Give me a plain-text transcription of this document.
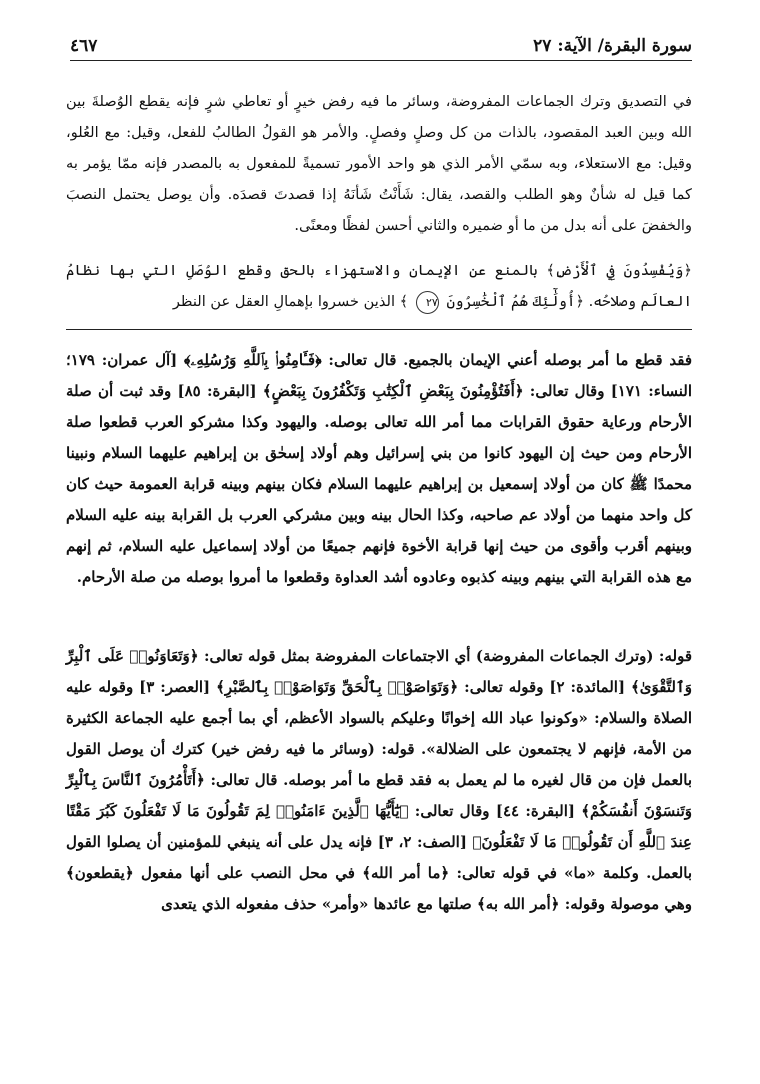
سورة البقرة/ الآية: ٢٧
٤٦٧

في التصديق وترك الجماعات المفروضة، وسائر ما فيه رفض خيرٍ أو تعاطي شرٍ فإنه يقطع الوُصلةَ بين الله وبين العبد المقصود، بالذات من كل وصلٍ وفصلٍ. والأمر هو القولُ الطالبُ للفعل، وقيل: مع العُلو، وقيل: مع الاستعلاء، وبه سمّي الأمر الذي هو واحد الأمور تسميةً للمفعول به بالمصدر فإنه ممّا يؤمر به كما قيل له شأنٌ وهو الطلب والقصد، يقال: شَأَنْتُ شَأنَهُ إذا قصدتَ قصدَه. وأن يوصل يحتمل النصبَ والخفضَ على أنه بدل من ما أو ضميره والثاني أحسن لفظًا ومعنًى.

﴿وَيُفْسِدُونَ فِي ٱلْأَرْضِ﴾ بالمنع عن الإيمان والاستهزاء بالحق وقطع الوُصَلِ التي بها نظامُ العالَم وصلاحُه. ﴿أُولَٰٓئِكَ هُمُ ٱلْخَٰسِرُونَ ٢٧ ﴾ الذين خسروا بإهمالِ العقل عن النظر

فقد قطع ما أمر بوصله أعني الإيمان بالجميع. قال تعالى: ﴿فَـَٔامِنُوا۟ بِٱللَّهِ وَرُسُلِهِۦ﴾ [آل عمران: ١٧٩؛ النساء: ١٧١] وقال تعالى: ﴿أَفَتُؤْمِنُونَ بِبَعْضِ ٱلْكِتَٰبِ وَتَكْفُرُونَ بِبَعْضٍ﴾ [البقرة: ٨٥] وقد ثبت أن صلة الأرحام ورعاية حقوق القرابات مما أمر الله تعالى بوصله. واليهود وكذا مشركو العرب قطعوا صلة الأرحام ومن حيث إن اليهود كانوا من بني إسرائيل وهم أولاد إسحٰق بن إبراهيم عليهما السلام ونبينا محمدًا ﷺ كان من أولاد إسمعيل بن إبراهيم عليهما السلام فكان بينهم وبينه قرابة العمومة حيث كان كل واحد منهما من أولاد عم صاحبه، وكذا الحال بينه وبين مشركي العرب بل القرابة بينه عليه السلام وبينهم أقرب وأقوى من حيث إنها قرابة الأخوة فإنهم جميعًا من أولاد إسماعيل عليه السلام، ثم إنهم مع هذه القرابة التي بينهم وبينه كذبوه وعادوه أشد العداوة وقطعوا ما أمروا بوصله من صلة الأرحام.

قوله: (وترك الجماعات المفروضة) أي الاجتماعات المفروضة بمثل قوله تعالى: ﴿وَتَعَاوَنُوا۟ عَلَى ٱلْبِرِّ وَٱلتَّقْوَىٰ﴾ [المائدة: ٢] وقوله تعالى: ﴿وَتَوَاصَوْا۟ بِٱلْحَقِّ وَتَوَاصَوْا۟ بِٱلصَّبْرِ﴾ [العصر: ٣] وقوله عليه الصلاة والسلام: «وكونوا عباد الله إخوانًا وعليكم بالسواد الأعظم، أي بما أجمع عليه الجماعة الكثيرة من الأمة، فإنهم لا يجتمعون على الضلالة». قوله: (وسائر ما فيه رفض خير) كترك أن يوصل القول بالعمل فإن من قال لغيره ما لم يعمل به فقد قطع ما أمر بوصله. قال تعالى: ﴿أَتَأْمُرُونَ ٱلنَّاسَ بِٱلْبِرِّ وَتَنسَوْنَ أَنفُسَكُمْ﴾ [البقرة: ٤٤] وقال تعالى: ﴿يَٰٓأَيُّهَا ٱلَّذِينَ ءَامَنُوا۟ لِمَ تَقُولُونَ مَا لَا تَفْعَلُونَ كَبُرَ مَقْتًا عِندَ ٱللَّهِ أَن تَقُولُوا۟ مَا لَا تَفْعَلُونَ﴾ [الصف: ٢، ٣] فإنه يدل على أنه ينبغي للمؤمنين أن يصلوا القول بالعمل. وكلمة «ما» في قوله تعالى: ﴿ما أمر الله﴾ في محل النصب على أنها مفعول ﴿يقطعون﴾ وهي موصولة وقوله: ﴿أمر الله به﴾ صلتها مع عائدها «وأمر» حذف مفعوله الذي يتعدى
